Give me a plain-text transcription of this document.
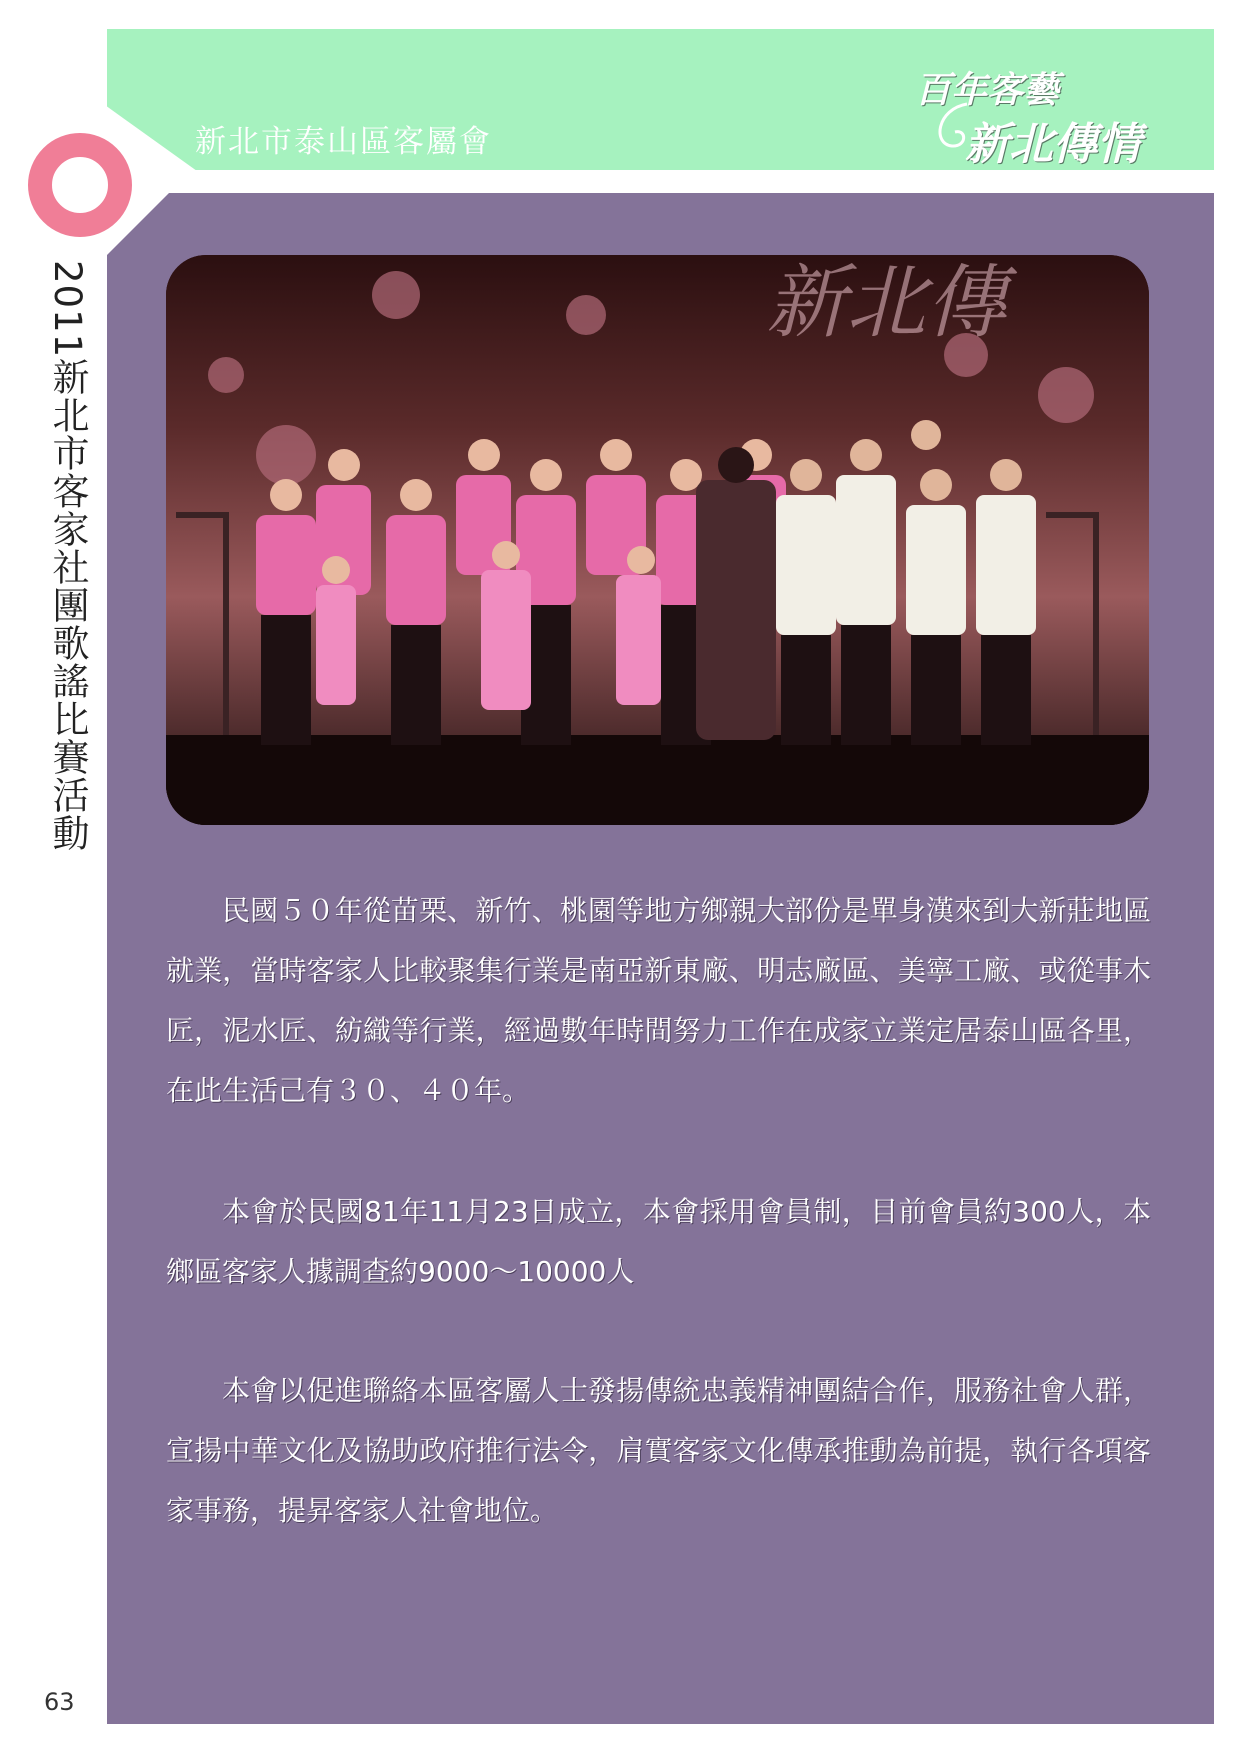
新北市泰山區客屬會
百年客藝
新北傳情
2011新北市客家社團歌謠比賽活動	新北傳

民國５０年從苗栗、新竹、桃園等地方鄉親大部份是單身漢來到大新莊地區就業，當時客家人比較聚集行業是南亞新東廠、明志廠區、美寧工廠、或從事木匠，泥水匠、紡織等行業，經過數年時間努力工作在成家立業定居泰山區各里，在此生活己有３０、４０年。

本會於民國81年11月23日成立，本會採用會員制，目前會員約300人，本鄉區客家人據調查約9000～10000人

本會以促進聯絡本區客屬人士發揚傳統忠義精神團結合作，服務社會人群，宣揚中華文化及協助政府推行法令，肩實客家文化傳承推動為前提，執行各項客家事務，提昇客家人社會地位。

63
